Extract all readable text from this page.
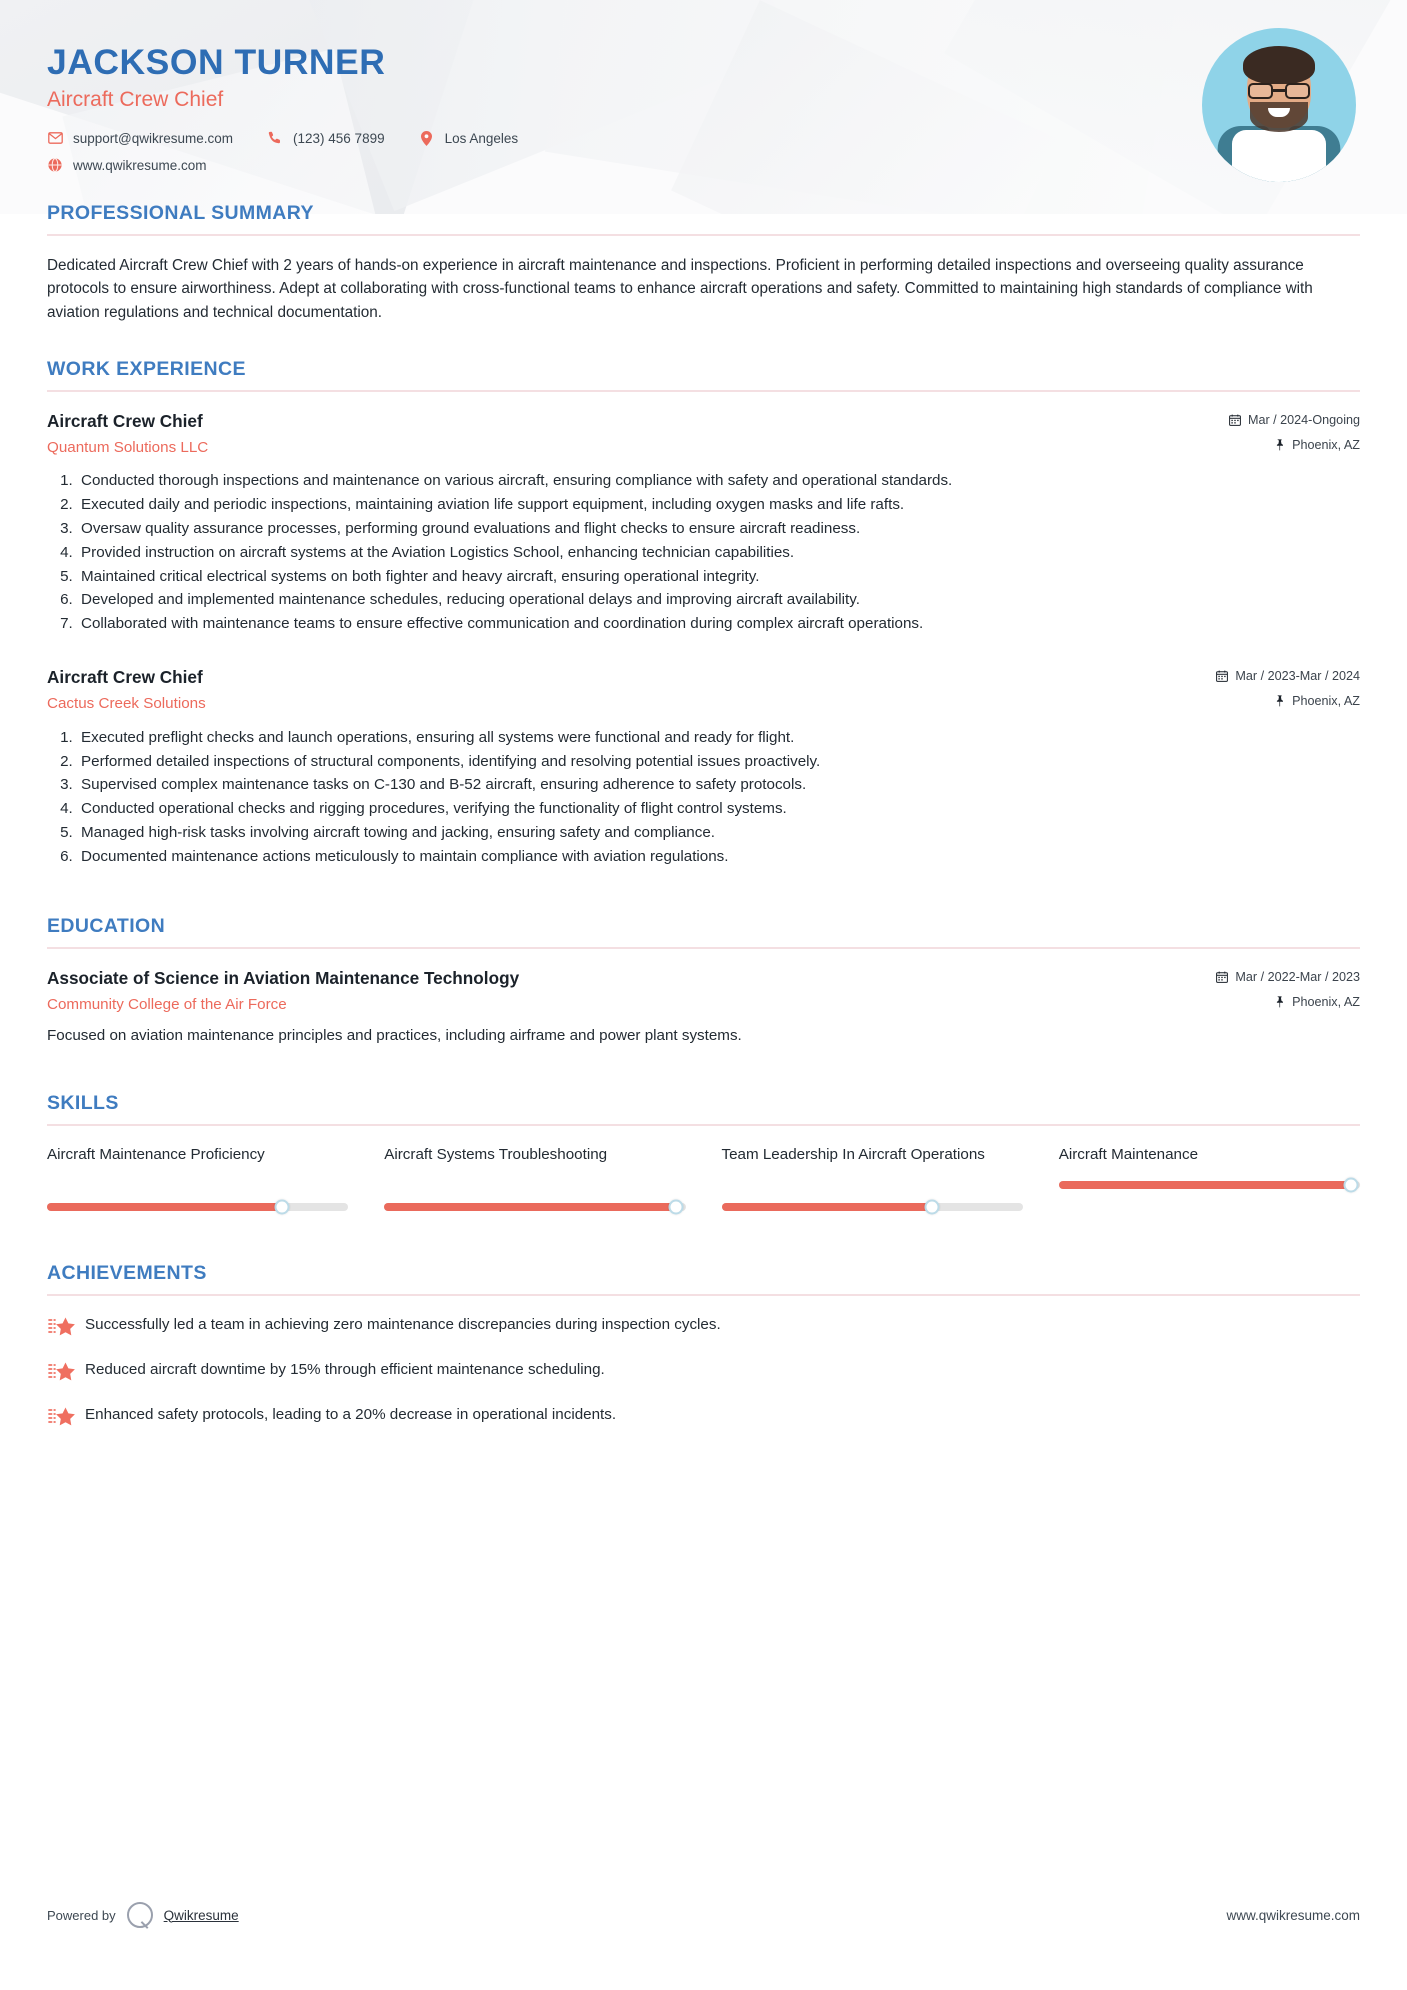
JACKSON TURNER
Aircraft Crew Chief
support@qwikresume.com	(123) 456 7899	Los Angeles
www.qwikresume.com
PROFESSIONAL SUMMARY
Dedicated Aircraft Crew Chief with 2 years of hands-on experience in aircraft maintenance and inspections. Proficient in performing detailed inspections and overseeing quality assurance protocols to ensure airworthiness. Adept at collaborating with cross-functional teams to enhance aircraft operations and safety. Committed to maintaining high standards of compliance with aviation regulations and technical documentation.
WORK EXPERIENCE
Aircraft Crew Chief
Quantum Solutions LLC
Mar / 2024-Ongoing
Phoenix, AZ
1. Conducted thorough inspections and maintenance on various aircraft, ensuring compliance with safety and operational standards.
2. Executed daily and periodic inspections, maintaining aviation life support equipment, including oxygen masks and life rafts.
3. Oversaw quality assurance processes, performing ground evaluations and flight checks to ensure aircraft readiness.
4. Provided instruction on aircraft systems at the Aviation Logistics School, enhancing technician capabilities.
5. Maintained critical electrical systems on both fighter and heavy aircraft, ensuring operational integrity.
6. Developed and implemented maintenance schedules, reducing operational delays and improving aircraft availability.
7. Collaborated with maintenance teams to ensure effective communication and coordination during complex aircraft operations.
Aircraft Crew Chief
Cactus Creek Solutions
Mar / 2023-Mar / 2024
Phoenix, AZ
1. Executed preflight checks and launch operations, ensuring all systems were functional and ready for flight.
2. Performed detailed inspections of structural components, identifying and resolving potential issues proactively.
3. Supervised complex maintenance tasks on C-130 and B-52 aircraft, ensuring adherence to safety protocols.
4. Conducted operational checks and rigging procedures, verifying the functionality of flight control systems.
5. Managed high-risk tasks involving aircraft towing and jacking, ensuring safety and compliance.
6. Documented maintenance actions meticulously to maintain compliance with aviation regulations.
EDUCATION
Associate of Science in Aviation Maintenance Technology
Community College of the Air Force
Mar / 2022-Mar / 2023
Phoenix, AZ
Focused on aviation maintenance principles and practices, including airframe and power plant systems.
SKILLS
Aircraft Maintenance Proficiency	Aircraft Systems Troubleshooting	Team Leadership In Aircraft Operations	Aircraft Maintenance
ACHIEVEMENTS
Successfully led a team in achieving zero maintenance discrepancies during inspection cycles.
Reduced aircraft downtime by 15% through efficient maintenance scheduling.
Enhanced safety protocols, leading to a 20% decrease in operational incidents.
Powered by	Qwikresume	www.qwikresume.com
